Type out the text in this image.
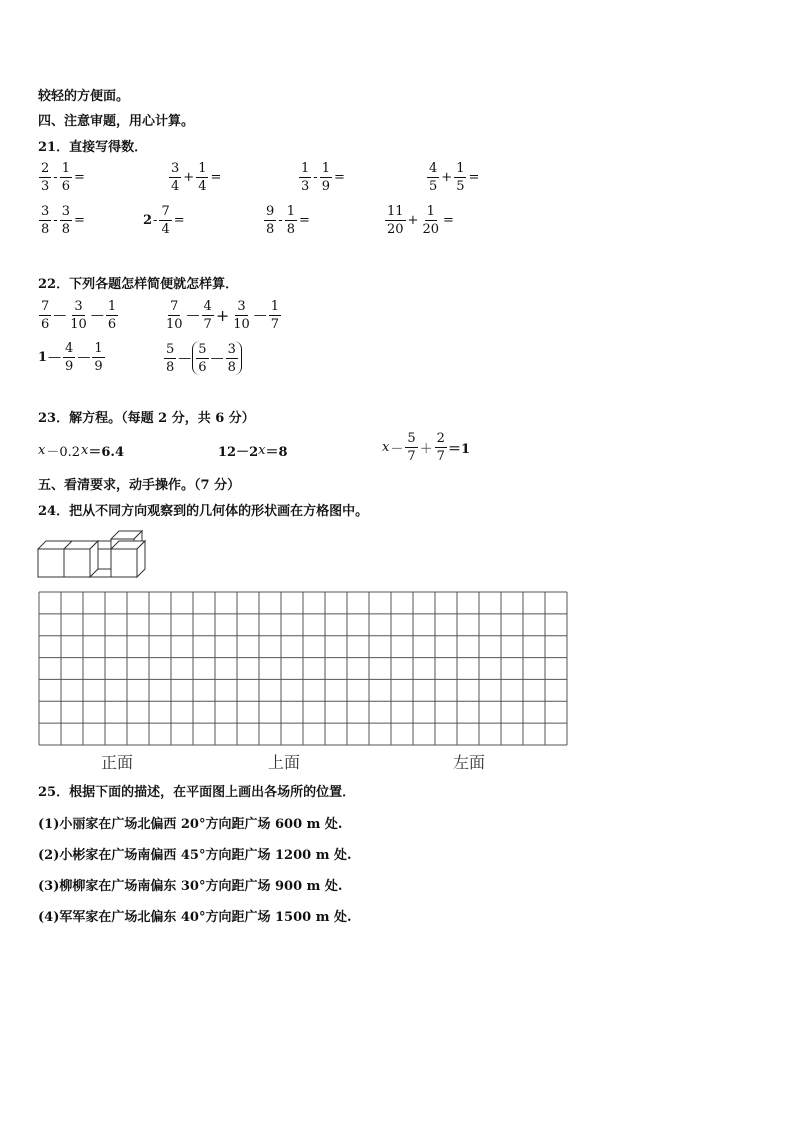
较轻的方便面。
四、注意审题，用心计算。
21．直接写得数．
$\frac{2}{3} - \frac{1}{6}$ =	$\frac{3}{4} + \frac{1}{4}$ =	$\frac{1}{3} - \frac{1}{9}$ =	$\frac{4}{5} + \frac{1}{5}$ =
$\frac{3}{8} - \frac{3}{8}$ =	$2 - \frac{7}{4}$ =	$\frac{9}{8} - \frac{1}{8}$ =	$\frac{11}{20} + \frac{1}{20}$ =
22．下列各题怎样简便就怎样算．
$\frac{7}{6}$ — $\frac{3}{10}$ — $\frac{1}{6}$	$\frac{7}{10}$ — $\frac{4}{7} + \frac{3}{10}$ — $\frac{1}{7}$
1 — $\frac{4}{9}$ — $\frac{1}{9}$	$\frac{5}{8}$ — $\frac{5}{6}$ — $\frac{3}{8}$
23．解方程。（每题 2 分，共 6 分）
x －0.2 x ＝6.4	12－2 x ＝8	$x - \frac{5}{7} + \frac{2}{7} =1$
五、看清要求，动手操作。（7 分）
24．把从不同方向观察到的几何体的形状画在方格图中。
正面	上面	左面
25．根据下面的描述，在平面图上画出各场所的位置．
(1)小丽家在广场北偏西 20°方向距广场 600 m 处.
(2)小彬家在广场南偏西 45°方向距广场 1200 m 处.
(3)柳柳家在广场南偏东 30°方向距广场 900 m 处.
(4)军军家在广场北偏东 40°方向距广场 1500 m 处.
